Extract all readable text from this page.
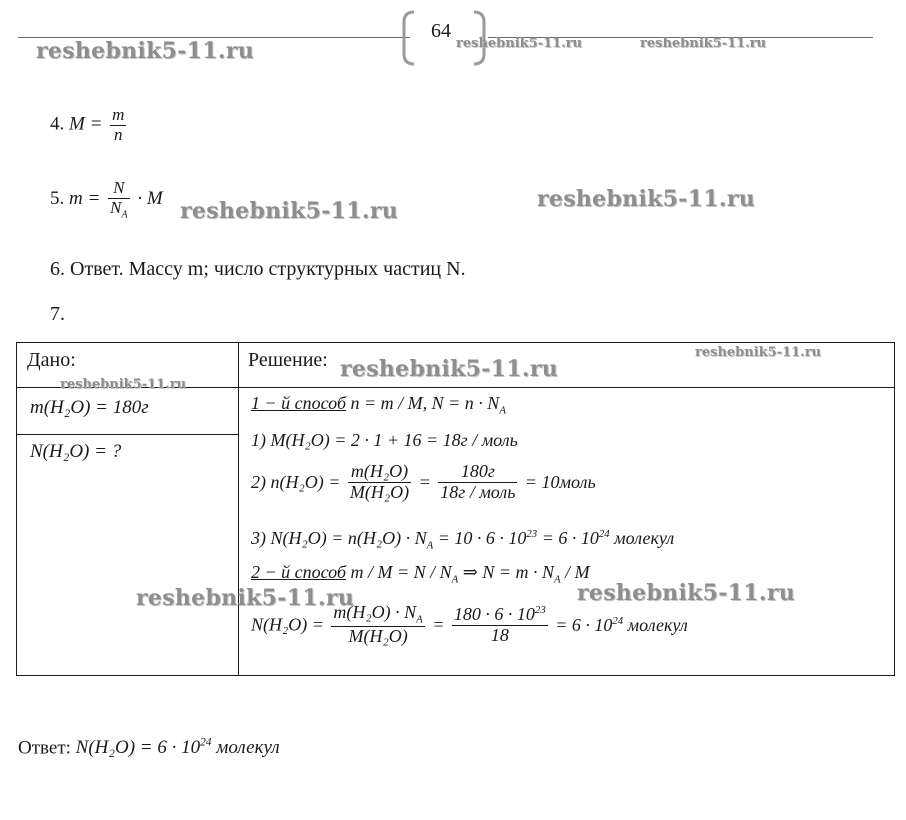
64
reshebnik5-11.ru	reshebnik5-11.ru	reshebnik5-11.ru
4. $M = \frac{m}{n}$
5. $m = \frac{N}{N_A} \cdot M$ reshebnik5-11.ru	reshebnik5-11.ru
6. Ответ. Массу m; число структурных частиц N.
7.
Дано:	Решение: reshebnik5-11.ru
reshebnik5-11.ru
reshebnik5-11.ru
m(H₂O) = 180г
N(H₂O) = ?
1 − й способ n = m / M, $N = n \cdot N_A$
1) M(H₂O) = 2 · 1 + 16 = 18г / моль
2) $n(H_2O) = \frac{\text{m(H₂O)}}{\text{M(H₂O)}} = \frac{180г}{\text{18г / моль}}$ = 10моль
3) $N(H_2O) = n(H_2O) \cdot N_A = 10 \cdot 6 \cdot 10^{23} = 6 \cdot 10^{24}$ молекул
2 − й способ $m / M = N / N_A$ ⇒ $N = m \cdot N_A / M$
reshebnik5-11.ru	reshebnik5-11.ru
$N(H_2O) = \frac{m(H_2O) \cdot N_A}{\text{M(H₂O)}} = \frac{180 \cdot 6 \cdot 10^{23}}{18} = 6 \cdot 10^{24}$ молекул
Ответ: $N(H_2O) = 6 \cdot 10^{24}$ молекул
